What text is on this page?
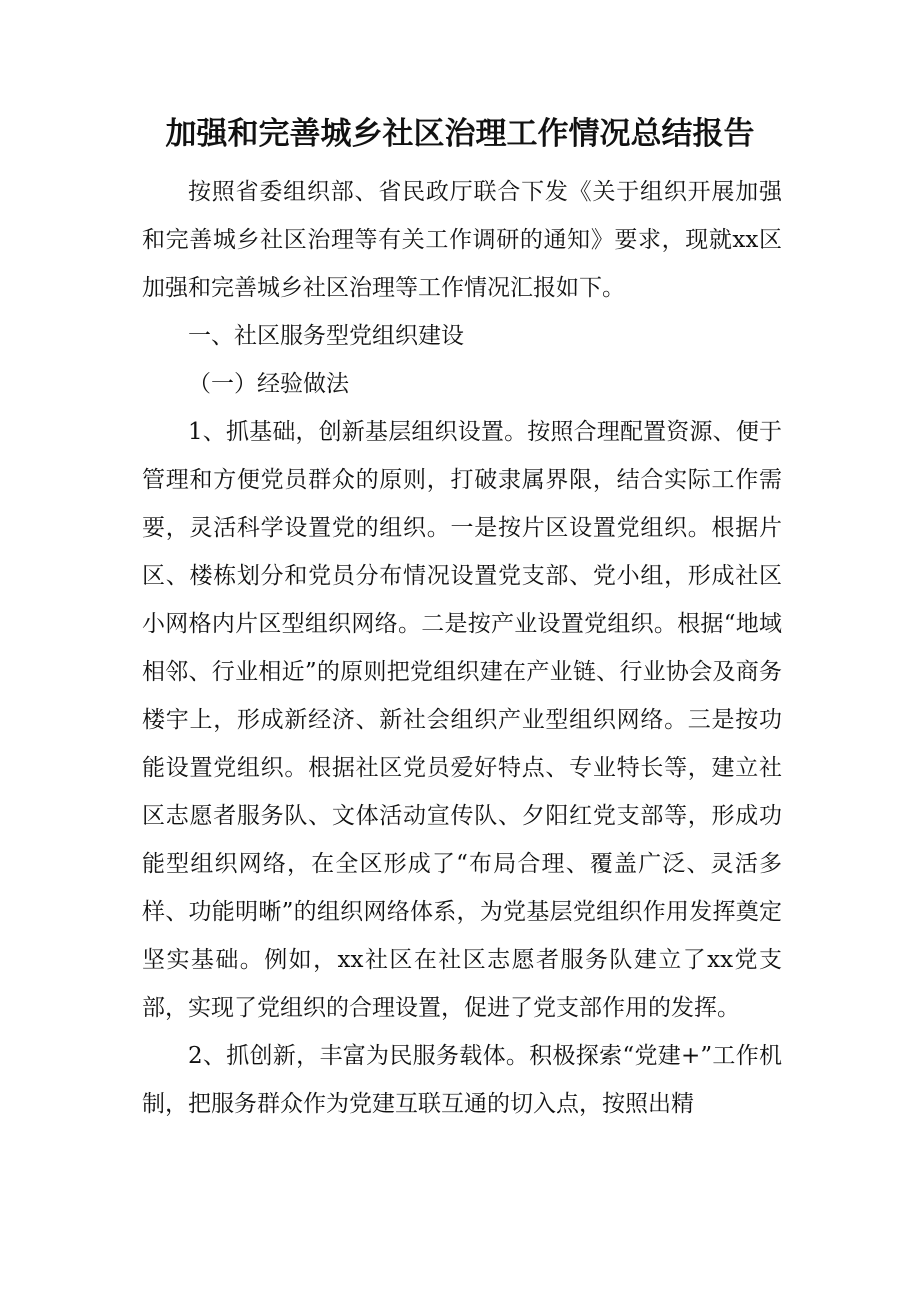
加强和完善城乡社区治理工作情况总结报告

按照省委组织部、省民政厅联合下发《关于组织开展加强和完善城乡社区治理等有关工作调研的通知》要求，现就xx区加强和完善城乡社区治理等工作情况汇报如下。

一、社区服务型党组织建设

（一）经验做法

1、抓基础，创新基层组织设置。按照合理配置资源、便于管理和方便党员群众的原则，打破隶属界限，结合实际工作需要，灵活科学设置党的组织。一是按片区设置党组织。根据片区、楼栋划分和党员分布情况设置党支部、党小组，形成社区小网格内片区型组织网络。二是按产业设置党组织。根据“地域相邻、行业相近”的原则把党组织建在产业链、行业协会及商务楼宇上，形成新经济、新社会组织产业型组织网络。三是按功能设置党组织。根据社区党员爱好特点、专业特长等，建立社区志愿者服务队、文体活动宣传队、夕阳红党支部等，形成功能型组织网络，在全区形成了“布局合理、覆盖广泛、灵活多样、功能明晰”的组织网络体系，为党基层党组织作用发挥奠定坚实基础。例如，xx社区在社区志愿者服务队建立了xx党支部，实现了党组织的合理设置，促进了党支部作用的发挥。

2、抓创新，丰富为民服务载体。积极探索“党建+”工作机制，把服务群众作为党建互联互通的切入点，按照出精
